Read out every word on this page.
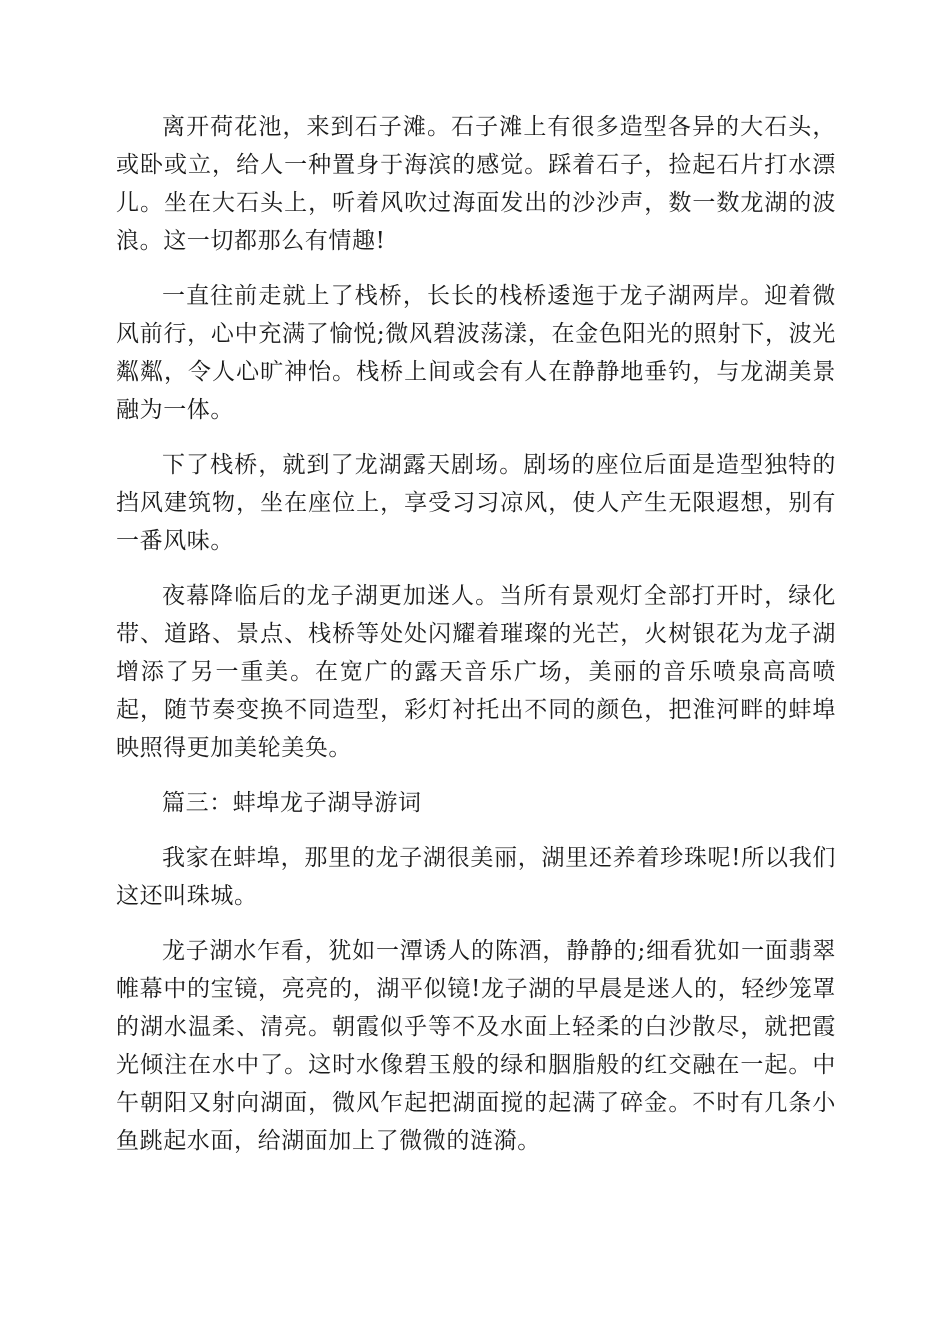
离开荷花池，来到石子滩。石子滩上有很多造型各异的大石头，或卧或立，给人一种置身于海滨的感觉。踩着石子，捡起石片打水漂儿。坐在大石头上，听着风吹过海面发出的沙沙声，数一数龙湖的波浪。这一切都那么有情趣!

一直往前走就上了栈桥，长长的栈桥逶迤于龙子湖两岸。迎着微风前行，心中充满了愉悦;微风碧波荡漾，在金色阳光的照射下，波光粼粼，令人心旷神怡。栈桥上间或会有人在静静地垂钓，与龙湖美景融为一体。

下了栈桥，就到了龙湖露天剧场。剧场的座位后面是造型独特的挡风建筑物，坐在座位上，享受习习凉风，使人产生无限遐想，别有一番风味。

夜幕降临后的龙子湖更加迷人。当所有景观灯全部打开时，绿化带、道路、景点、栈桥等处处闪耀着璀璨的光芒，火树银花为龙子湖增添了另一重美。在宽广的露天音乐广场，美丽的音乐喷泉高高喷起，随节奏变换不同造型，彩灯衬托出不同的颜色，把淮河畔的蚌埠映照得更加美轮美奂。

篇三：蚌埠龙子湖导游词

我家在蚌埠，那里的龙子湖很美丽，湖里还养着珍珠呢!所以我们这还叫珠城。

龙子湖水乍看，犹如一潭诱人的陈酒，静静的;细看犹如一面翡翠帷幕中的宝镜，亮亮的，湖平似镜!龙子湖的早晨是迷人的，轻纱笼罩的湖水温柔、清亮。朝霞似乎等不及水面上轻柔的白沙散尽，就把霞光倾注在水中了。这时水像碧玉般的绿和胭脂般的红交融在一起。中午朝阳又射向湖面，微风乍起把湖面搅的起满了碎金。不时有几条小鱼跳起水面，给湖面加上了微微的涟漪。
